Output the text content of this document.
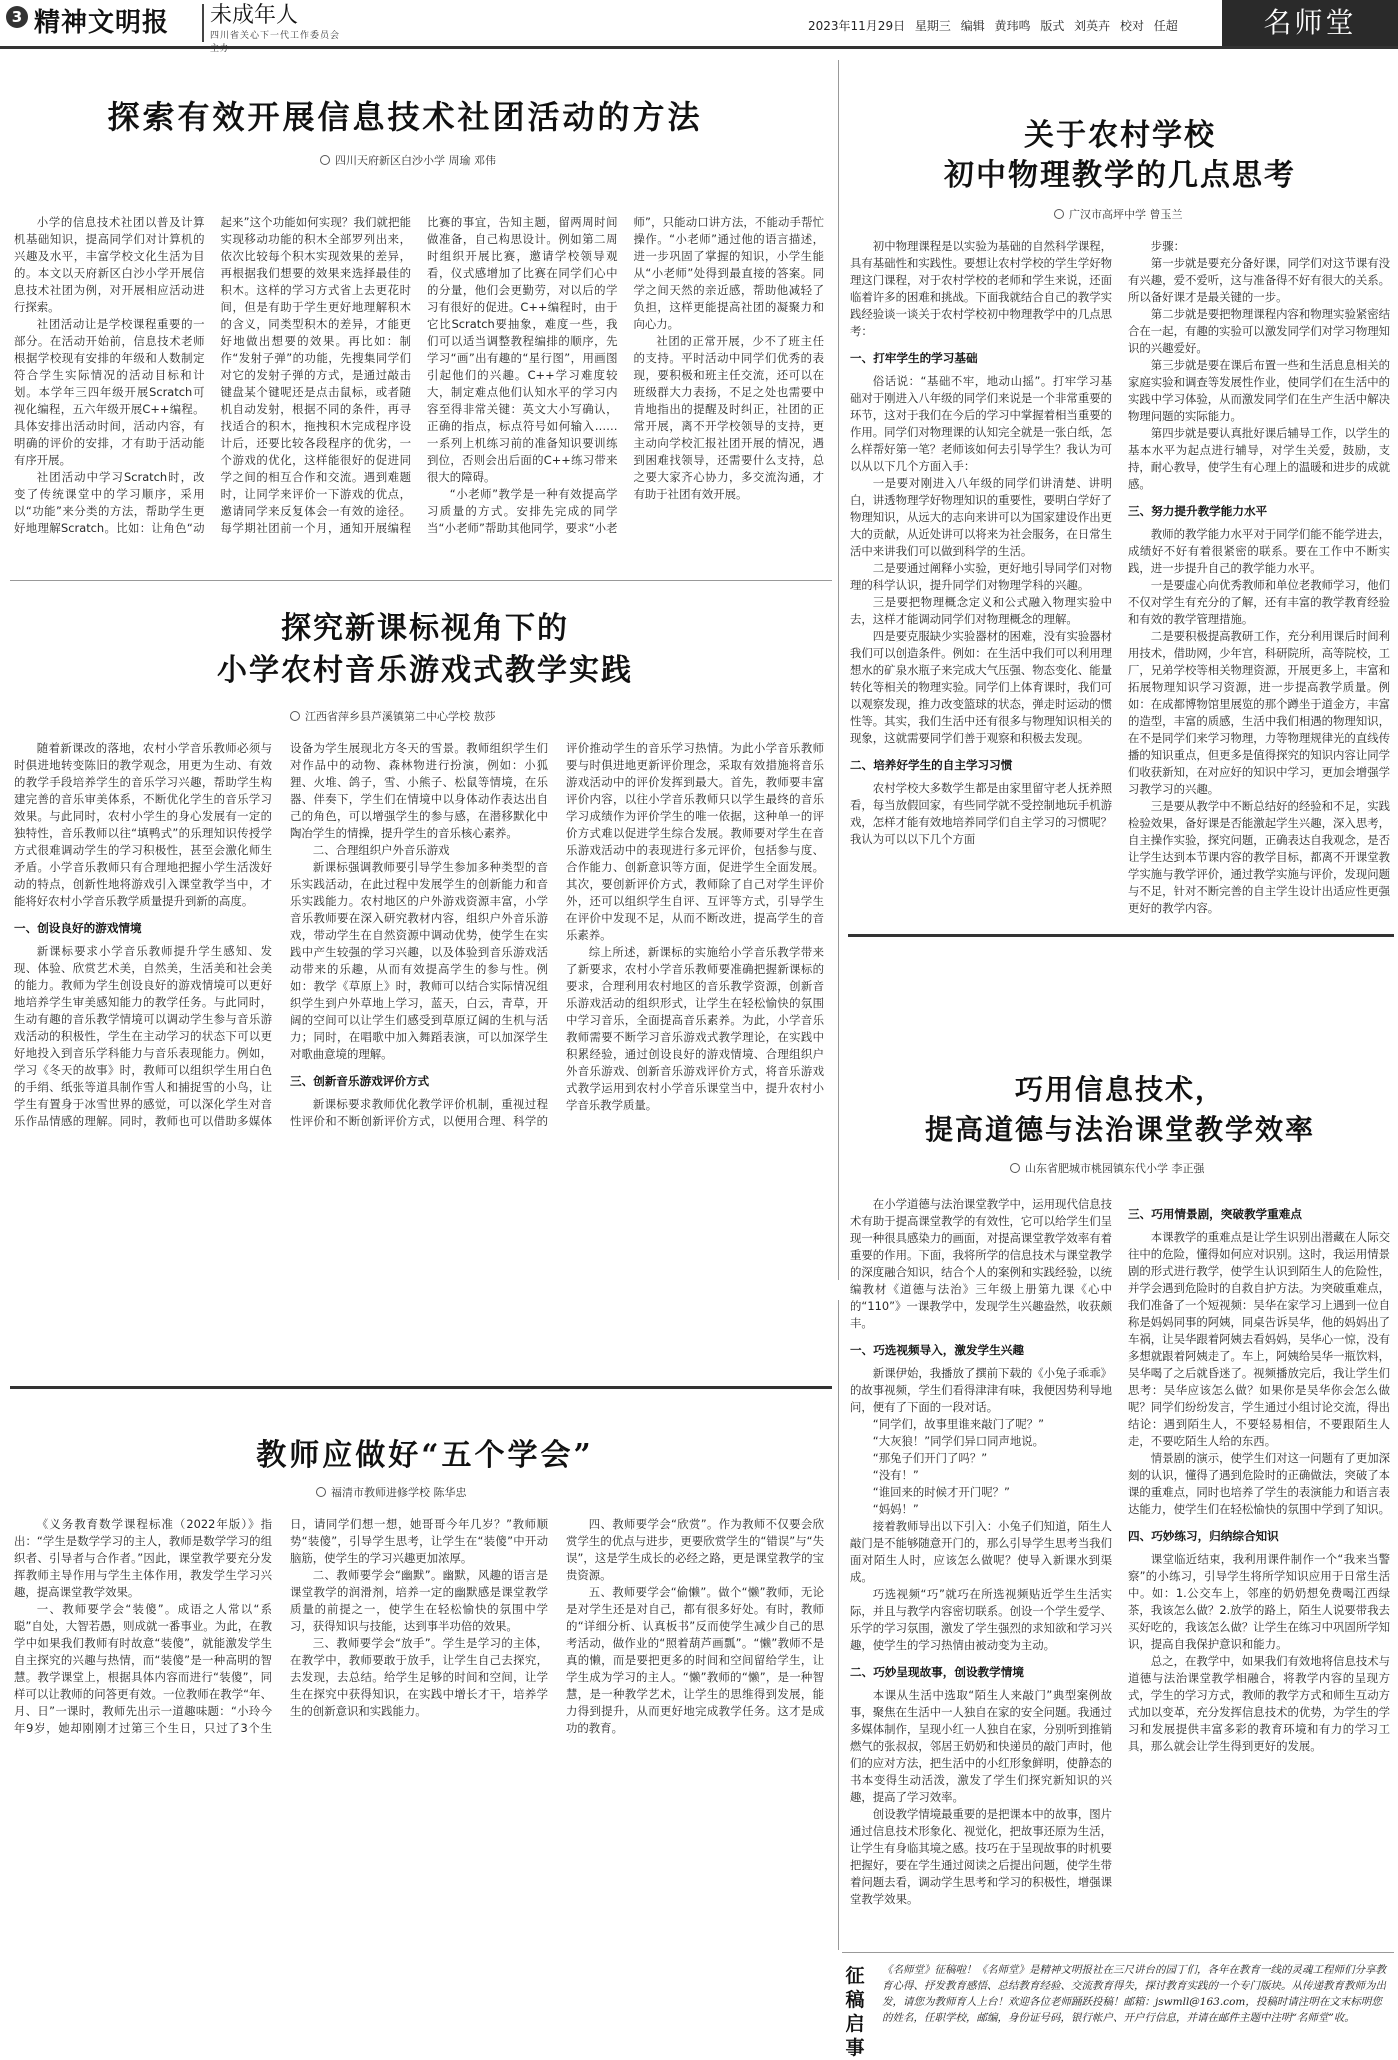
3 精神文明报 未成年人
四川省关心下一代工作委员会主办
2023年11月29日 星期三 编辑 黄玮鸣 版式 刘英卉 校对 任超	名师堂
探索有效开展信息技术社团活动的方法
四川天府新区白沙小学 周瑜 邓伟

小学的信息技术社团以普及计算机基础知识，提高同学们对计算机的兴趣及水平，丰富学校文化生活为目的。本文以天府新区白沙小学开展信息技术社团为例，对开展相应活动进行探索。

社团活动让是学校课程重要的一部分。在活动开始前，信息技术老师根据学校现有安排的年级和人数制定符合学生实际情况的活动目标和计划。本学年三四年级开展Scratch可视化编程，五六年级开展C++编程。具体安排出活动时间，活动内容，有明确的评价的安排，才有助于活动能有序开展。

社团活动中学习Scratch时，改变了传统课堂中的学习顺序，采用以“功能”来分类的方法，帮助学生更好地理解Scratch。比如：让角色“动起来”这个功能如何实现？我们就把能实现移动功能的积木全部罗列出来，依次比较每个积木实现效果的差异，再根据我们想要的效果来选择最佳的积木。这样的学习方式省上去更花时间，但是有助于学生更好地理解积木的含义，同类型积木的差异，才能更好地做出想要的效果。再比如：制作“发射子弹”的功能，先搜集同学们对它的发射子弹的方式，是通过敲击键盘某个键呢还是点击鼠标，或者随机自动发射，根据不同的条件，再寻找适合的积木，拖拽积木完成程序设计后，还要比较各段程序的优劣，一个游戏的优化，这样能很好的促进同学之间的相互合作和交流。遇到难题时，让同学来评价一下游戏的优点，邀请同学来反复体会一有效的途径。每学期社团前一个月，通知开展编程比赛的事宜，告知主题，留两周时间做准备，自己构思设计。例如第二周时组织开展比赛，邀请学校领导观看，仪式感增加了比赛在同学们心中的分量，他们会更勤劳，对以后的学习有很好的促进。C++编程时，由于它比Scratch要抽象，难度一些，我们可以适当调整教程编排的顺序，先学习“画”出有趣的“星行图”，用画图引起他们的兴趣。C++学习难度较大，制定难点他们认知水平的学习内容至得非常关键：英文大小写确认，正确的指点，标点符号如何输入……一系列上机练习前的准备知识要训练到位，否则会出后面的C++练习带来很大的障碍。

“小老师”教学是一种有效提高学习质量的方式。安排先完成的同学当“小老师”帮助其他同学，要求“小老师”，只能动口讲方法，不能动手帮忙操作。“小老师”通过他的语言描述，进一步巩固了掌握的知识，小学生能从“小老师”处得到最直接的答案。同学之间天然的亲近感，帮助他减轻了负担，这样更能提高社团的凝聚力和向心力。

社团的正常开展，少不了班主任的支持。平时活动中同学们优秀的表现，要积极和班主任交流，还可以在班级群大力表扬，不足之处也需要中肯地指出的提醒及时纠正，社团的正常开展，离不开学校领导的支持，更主动向学校汇报社团开展的情况，遇到困难找领导，还需要什么支持，总之要大家齐心协力，多交流沟通，才有助于社团有效开展。

关于农村学校
初中物理教学的几点思考
广汉市高坪中学 曾玉兰

初中物理课程是以实验为基础的自然科学课程，具有基础性和实践性。要想让农村学校的学生学好物理这门课程，对于农村学校的老师和学生来说，还面临着许多的困难和挑战。下面我就结合自己的教学实践经验谈一谈关于农村学校初中物理教学中的几点思考：

一、打牢学生的学习基础

俗话说：“基础不牢，地动山摇”。打牢学习基础对于刚进入八年级的同学们来说是一个非常重要的环节，这对于我们在今后的学习中掌握着相当重要的作用。同学们对物理课的认知完全就是一张白纸，怎么样帮好第一笔？老师该如何去引导学生？我认为可以从以下几个方面入手：

一是要对刚进入八年级的同学们讲清楚、讲明白，讲透物理学好物理知识的重要性，要明白学好了物理知识，从远大的志向来讲可以为国家建设作出更大的贡献，从近处讲可以将来为社会服务，在日常生活中来讲我们可以做到科学的生活。

二是要通过阐释小实验，更好地引导同学们对物理的科学认识，提升同学们对物理学科的兴趣。

三是要把物理概念定义和公式融入物理实验中去，这样才能调动同学们对物理概念的理解。

四是要克服缺少实验器材的困难，没有实验器材我们可以创造条件。例如：在生活中我们可以利用理想水的矿泉水瓶子来完成大气压强、物态变化、能量转化等相关的物理实验。同学们上体育课时，我们可以观察发现，推力改变篮球的状态，弹走时运动的惯性等。其实，我们生活中还有很多与物理知识相关的现象，这就需要同学们善于观察和积极去发现。

二、培养好学生的自主学习习惯

农村学校大多数学生都是由家里留守老人抚养照看，每当放假回家，有些同学就不受控制地玩手机游戏，怎样才能有效地培养同学们自主学习的习惯呢？我认为可以以下几个方面

步骤：

第一步就是要充分备好课，同学们对这节课有没有兴趣，爱不爱听，这与准备得不好有很大的关系。所以备好课才是最关键的一步。

第二步就是要把物理课程内容和物理实验紧密结合在一起，有趣的实验可以激发同学们对学习物理知识的兴趣爱好。

第三步就是要在课后布置一些和生活息息相关的家庭实验和调查等发展性作业，使同学们在生活中的实践中学习体验，从而激发同学们在生产生活中解决物理问题的实际能力。

第四步就是要认真批好课后辅导工作，以学生的基本水平为起点进行辅导，对学生关爱，鼓励，支持，耐心教导，使学生有心理上的温暖和进步的成就感。

三、努力提升教学能力水平

教师的教学能力水平对于同学们能不能学进去，成绩好不好有着很紧密的联系。要在工作中不断实践，进一步提升自己的教学能力水平。

一是要虚心向优秀教师和单位老教师学习，他们不仅对学生有充分的了解，还有丰富的教学教育经验和有效的教学管理措施。

二是要积极提高教研工作，充分利用课后时间利用技术，借助网，少年宫，科研院所，高等院校，工厂，兄弟学校等相关物理资源，开展更多上，丰富和拓展物理知识学习资源，进一步提高教学质量。例如：在成都博物馆里展览的那个蹲坐于道金方，丰富的造型，丰富的质感，生活中我们相遇的物理知识，在不是同学们来学习物理，力等物理规律光的直线传播的知识重点，但更多是值得探究的知识内容让同学们收获新知，在对应好的知识中学习，更加会增强学习教学习的兴趣。

三是要从教学中不断总结好的经验和不足，实践检验效果，备好课是否能激起学生兴趣，深入思考，自主操作实验，探究问题，正确表达自我观念，是否让学生达到本节课内容的教学目标，都离不开课堂教学实施与教学评价，通过教学实施与评价，发现问题与不足，针对不断完善的自主学生设计出适应性更强更好的教学内容。

探究新课标视角下的
小学农村音乐游戏式教学实践
江西省萍乡县芦溪镇第二中心学校 敖莎

随着新课改的落地，农村小学音乐教师必须与时俱进地转变陈旧的教学观念，用更为生动、有效的教学手段培养学生的音乐学习兴趣，帮助学生构建完善的音乐审美体系，不断优化学生的音乐学习效果。与此同时，农村小学生的身心发展有一定的独特性，音乐教师以往“填鸭式”的乐理知识传授学方式很难调动学生的学习积极性，甚至会激化师生矛盾。小学音乐教师只有合理地把握小学生活泼好动的特点，创新性地将游戏引入课堂教学当中，才能将好农村小学音乐教学质量提升到新的高度。

一、创设良好的游戏情境

新课标要求小学音乐教师提升学生感知、发现、体验、欣赏艺术美，自然美，生活美和社会美的能力。教师为学生创设良好的游戏情境可以更好地培养学生审美感知能力的教学任务。与此同时，生动有趣的音乐教学情境可以调动学生参与音乐游戏活动的积极性，学生在主动学习的状态下可以更好地投入到音乐学科能力与音乐表现能力。例如，学习《冬天的故事》时，教师可以组织学生用白色的手绢、纸张等道具制作雪人和捕捉雪的小鸟，让学生有置身于冰雪世界的感觉，可以深化学生对音乐作品情感的理解。同时，教师也可以借助多媒体设备为学生展现北方冬天的雪景。教师组织学生们对作品中的动物、森林物进行扮演，例如：小狐狸、火堆、鸽子，雪、小熊子、松鼠等情境，在乐器、伴奏下，学生们在情境中以身体动作表达出自己的角色，可以增强学生的参与感，在潜移默化中陶冶学生的情操，提升学生的音乐核心素养。

二、合理组织户外音乐游戏

新课标强调教师要引导学生参加多种类型的音乐实践活动，在此过程中发展学生的创新能力和音乐实践能力。农村地区的户外游戏资源丰富，小学音乐教师要在深入研究教材内容，组织户外音乐游戏，带动学生在自然资源中调动优势，使学生在实践中产生较强的学习兴趣，以及体验到音乐游戏活动带来的乐趣，从而有效提高学生的参与性。例如：教学《草原上》时，教师可以结合实际情况组织学生到户外草地上学习，蓝天，白云，青草，开阔的空间可以让学生们感受到草原辽阔的生机与活力；同时，在唱歌中加入舞蹈表演，可以加深学生对歌曲意境的理解。

三、创新音乐游戏评价方式

新课标要求教师优化教学评价机制，重视过程性评价和不断创新评价方式，以便用合理、科学的评价推动学生的音乐学习热情。为此小学音乐教师要与时俱进地更新评价理念，采取有效措施将音乐游戏活动中的评价发挥到最大。首先，教师要丰富评价内容，以往小学音乐教师只以学生最终的音乐学习成绩作为评价学生的唯一依据，这种单一的评价方式难以促进学生综合发展。教师要对学生在音乐游戏活动中的表现进行多元评价，包括参与度、合作能力、创新意识等方面，促进学生全面发展。其次，要创新评价方式，教师除了自己对学生评价外，还可以组织学生自评、互评等方式，引导学生在评价中发现不足，从而不断改进，提高学生的音乐素养。

综上所述，新课标的实施给小学音乐教学带来了新要求，农村小学音乐教师要准确把握新课标的要求，合理利用农村地区的音乐教学资源，创新音乐游戏活动的组织形式，让学生在轻松愉快的氛围中学习音乐，全面提高音乐素养。为此，小学音乐教师需要不断学习音乐游戏式教学理论，在实践中积累经验，通过创设良好的游戏情境、合理组织户外音乐游戏、创新音乐游戏评价方式，将音乐游戏式教学运用到农村小学音乐课堂当中，提升农村小学音乐教学质量。	巧用信息技术，
提高道德与法治课堂教学效率
山东省肥城市桃园镇东代小学 李正强

在小学道德与法治课堂教学中，运用现代信息技术有助于提高课堂教学的有效性，它可以给学生们呈现一种很具感染力的画面，对提高课堂教学效率有着重要的作用。下面，我将所学的信息技术与课堂教学的深度融合知识，结合个人的案例和实践经验，以统编教材《道德与法治》三年级上册第九课《心中的“110”》一课教学中，发现学生兴趣盎然，收获颇丰。

一、巧选视频导入，激发学生兴趣

新课伊始，我播放了撰前下载的《小兔子乖乖》的故事视频，学生们看得津津有味，我便因势利导地问，便有了下面的一段对话。

“同学们，故事里谁来敲门了呢？”

“大灰狼！”同学们异口同声地说。

“那兔子们开门了吗？”

“没有！”

“谁回来的时候才开门呢？”

“妈妈！”

接着教师导出以下引入：小兔子们知道，陌生人敲门是不能够随意开门的，那么引导学生思考当我们面对陌生人时，应该怎么做呢？使导入新课水到渠成。

巧选视频“巧”就巧在所选视频贴近学生生活实际，并且与教学内容密切联系。创设一个学生爱学、乐学的学习氛围，激发了学生强烈的求知欲和学习兴趣，使学生的学习热情由被动变为主动。

二、巧妙呈现故事，创设教学情境

本课从生活中选取“陌生人来敲门”典型案例故事，聚焦在生活中一人独自在家的安全问题。我通过多媒体制作，呈现小红一人独自在家，分别听到推销燃气的张叔叔，邻居王奶奶和快递员的敲门声时，他们的应对方法，把生活中的小红形象鲜明，使静态的书本变得生动活泼，激发了学生们探究新知识的兴趣，提高了学习效率。

创设教学情境最重要的是把课本中的故事，图片通过信息技术形象化、视觉化，把故事还原为生活，让学生有身临其境之感。技巧在于呈现故事的时机要把握好，要在学生通过阅读之后提出问题，使学生带着问题去看，调动学生思考和学习的积极性，增强课堂教学效果。

三、巧用情景剧，突破教学重难点

本课教学的重难点是让学生识别出潜藏在人际交往中的危险，懂得如何应对识别。这时，我运用情景剧的形式进行教学，使学生认识到陌生人的危险性，并学会遇到危险时的自救自护方法。为突破重难点，我们准备了一个短视频：吴华在家学习上遇到一位自称是妈妈同事的阿姨，同桌告诉吴华，他的妈妈出了车祸，让吴华跟着阿姨去看妈妈，吴华心一惊，没有多想就跟着阿姨走了。车上，阿姨给吴华一瓶饮料，吴华喝了之后就昏迷了。视频播放完后，我让学生们思考：吴华应该怎么做？如果你是吴华你会怎么做呢？同学们纷纷发言，学生通过小组讨论交流，得出结论：遇到陌生人，不要轻易相信，不要跟陌生人走，不要吃陌生人给的东西。

情景剧的演示，使学生们对这一问题有了更加深刻的认识，懂得了遇到危险时的正确做法，突破了本课的重难点，同时也培养了学生的表演能力和语言表达能力，使学生们在轻松愉快的氛围中学到了知识。

四、巧妙练习，归纳综合知识

课堂临近结束，我利用课件制作一个“我来当警察”的小练习，引导学生将所学知识应用于日常生活中。如：1.公交车上，邻座的奶奶想免费喝江西绿茶，我该怎么做？2.放学的路上，陌生人说要带我去买好吃的，我该怎么做？让学生在练习中巩固所学知识，提高自我保护意识和能力。

总之，在教学中，如果我们有效地将信息技术与道德与法治课堂教学相融合，将教学内容的呈现方式，学生的学习方式，教师的教学方式和师生互动方式加以变革，充分发挥信息技术的优势，为学生的学习和发展提供丰富多彩的教育环境和有力的学习工具，那么就会让学生得到更好的发展。

教师应做好“五个学会”
福清市教师进修学校 陈华忠

《义务教育数学课程标准（2022年版）》指出：“学生是数学学习的主人，教师是数学学习的组织者、引导者与合作者。”因此，课堂教学要充分发挥教师主导作用与学生主体作用，教发学生学习兴趣，提高课堂教学效果。

一、教师要学会“装傻”。成语之人常以“系聪”自处，大智若愚，则成就一番事业。为此，在教学中如果我们教师有时故意“装傻”，就能激发学生自主探究的兴趣与热情，而“装傻”是一种高明的智慧。教学课堂上，根据具体内容而进行“装傻”，同样可以让教师的问答更有效。一位教师在教学“年、月、日”一课时，教师先出示一道趣味题：“小玲今年9岁，她却刚刚才过第三个生日，只过了3个生日，请同学们想一想，她哥哥今年几岁？”教师顺势“装傻”，引导学生思考，让学生在“装傻”中开动脑筋，使学生的学习兴趣更加浓厚。

二、教师要学会“幽默”。幽默，风趣的语言是课堂教学的润滑剂，培养一定的幽默感是课堂教学质量的前提之一，使学生在轻松愉快的氛围中学习，获得知识与技能，达到事半功倍的效果。

三、教师要学会“放手”。学生是学习的主体，在教学中，教师要敢于放手，让学生自己去探究，去发现，去总结。给学生足够的时间和空间，让学生在探究中获得知识，在实践中增长才干，培养学生的创新意识和实践能力。

四、教师要学会“欣赏”。作为教师不仅要会欣赏学生的优点与进步，更要欣赏学生的“错误”与“失误”，这是学生成长的必经之路，更是课堂教学的宝贵资源。

五、教师要学会“偷懒”。做个“懒”教师，无论是对学生还是对自己，都有很多好处。有时，教师的“详细分析、认真板书”反而使学生减少自己的思考活动，做作业的“照着葫芦画瓢”。“懒”教师不是真的懒，而是要把更多的时间和空间留给学生，让学生成为学习的主人。“懒”教师的“懒”，是一种智慧，是一种教学艺术，让学生的思维得到发展，能力得到提升，从而更好地完成教学任务。这才是成功的教育。

征稿启事
《名师堂》征稿啦！《名师堂》是精神文明报社在三尺讲台的园丁们，各年在教育一线的灵魂工程师们分享教育心得、抒发教育感悟、总结教育经验、交流教育得失，探讨教育实践的一个专门版块。从传递教育教师为出发，请您为教师育人上台！欢迎各位老师踊跃投稿！邮箱：jswmll@163.com，投稿时请注明在文末标明您的姓名，任职学校，邮编，身份证号码，银行帐户、开户行信息，并请在邮件主题中注明“名师堂”收。
